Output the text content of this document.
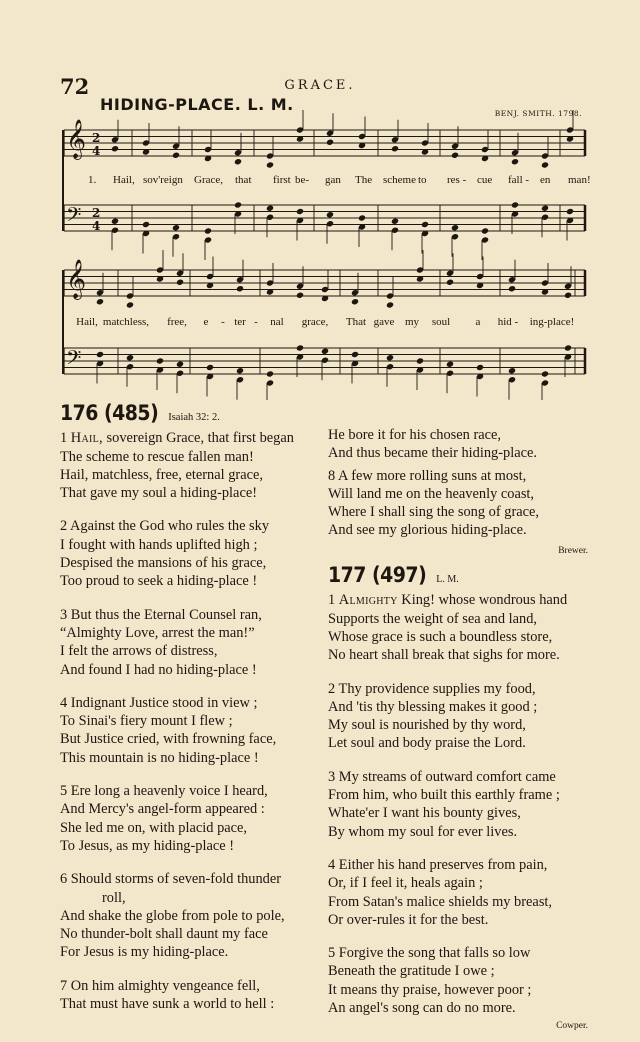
72	GRACE.
HIDING-PLACE. L. M.	BENJ. SMITH. 1798.
𝄞
𝄢
2
4
2
4
𝄞
𝄢
1. Hail, sov'reign Grace, that first be- gan The scheme to res - cue fall - en man!
Hail, matchless, free, e - ter - nal grace, That gave my soul a hid - ing-place!
176 (485) Isaiah 32: 2.
1 Hail, sovereign Grace, that first began
The scheme to rescue fallen man!
Hail, matchless, free, eternal grace,
That gave my soul a hiding-place!
2 Against the God who rules the sky
I fought with hands uplifted high ;
Despised the mansions of his grace,
Too proud to seek a hiding-place !
3 But thus the Eternal Counsel ran,
“Almighty Love, arrest the man!”
I felt the arrows of distress,
And found I had no hiding-place !
4 Indignant Justice stood in view ;
To Sinai's fiery mount I flew ;
But Justice cried, with frowning face,
This mountain is no hiding-place !
5 Ere long a heavenly voice I heard,
And Mercy's angel-form appeared :
She led me on, with placid pace,
To Jesus, as my hiding-place !
6 Should storms of seven-fold thunder
roll,
And shake the globe from pole to pole,
No thunder-bolt shall daunt my face
For Jesus is my hiding-place.
7 On him almighty vengeance fell,
That must have sunk a world to hell :
He bore it for his chosen race,
And thus became their hiding-place.
8 A few more rolling suns at most,
Will land me on the heavenly coast,
Where I shall sing the song of grace,
And see my glorious hiding-place.
Brewer.
177 (497) L. M.
1 Almighty King! whose wondrous hand
Supports the weight of sea and land,
Whose grace is such a boundless store,
No heart shall break that sighs for more.
2 Thy providence supplies my food,
And 'tis thy blessing makes it good ;
My soul is nourished by thy word,
Let soul and body praise the Lord.
3 My streams of outward comfort came
From him, who built this earthly frame ;
Whate'er I want his bounty gives,
By whom my soul for ever lives.
4 Either his hand preserves from pain,
Or, if I feel it, heals again ;
From Satan's malice shields my breast,
Or over-rules it for the best.
5 Forgive the song that falls so low
Beneath the gratitude I owe ;
It means thy praise, however poor ;
An angel's song can do no more.
Cowper.
